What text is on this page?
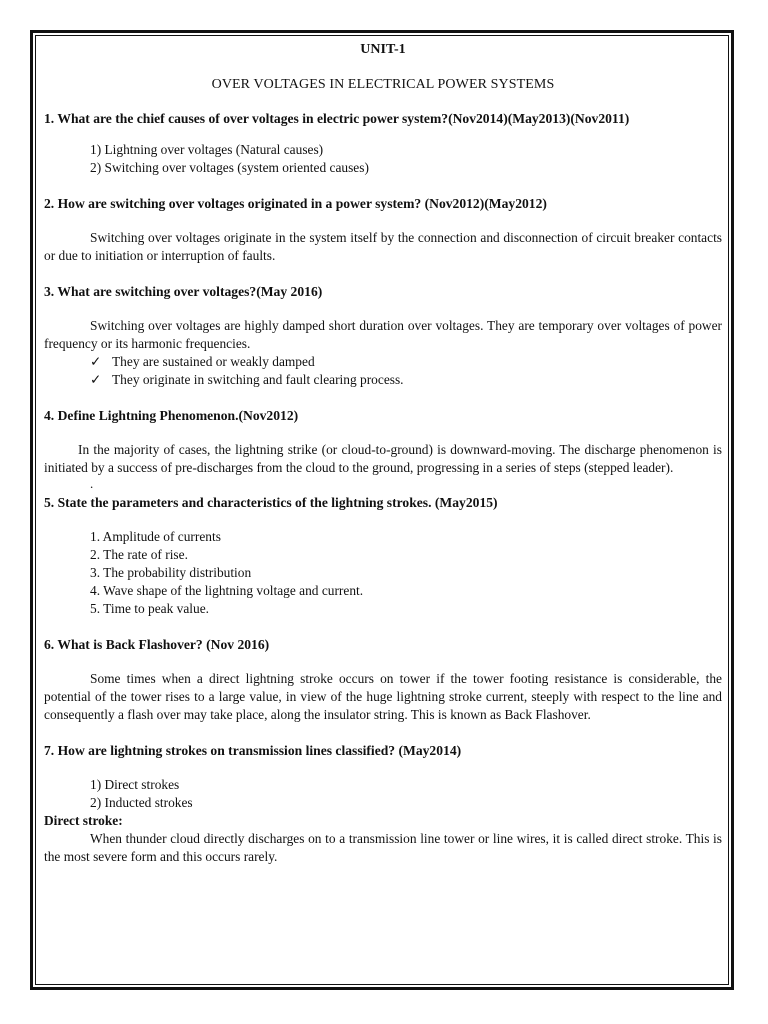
UNIT-1
OVER VOLTAGES IN ELECTRICAL POWER SYSTEMS
1. What are the chief causes of over voltages in electric power system?(Nov2014)(May2013)(Nov2011)
1) Lightning over voltages (Natural causes)
2) Switching over voltages (system oriented causes)
2. How are switching over voltages originated in a power system? (Nov2012)(May2012)
Switching over voltages originate in the system itself by the connection and disconnection of circuit breaker contacts or due to initiation or interruption of faults.
3. What are switching over voltages?(May 2016)
Switching over voltages are highly damped short duration over voltages. They are temporary over voltages of power frequency or its harmonic frequencies.
✓ They are sustained or weakly damped
✓ They originate in switching and fault clearing process.
4. Define Lightning Phenomenon.(Nov2012)
In the majority of cases, the lightning strike (or cloud-to-ground) is downward-moving. The discharge phenomenon is initiated by a success of pre-discharges from the cloud to the ground, progressing in a series of steps (stepped leader).
.
5. State the parameters and characteristics of the lightning strokes. (May2015)
1. Amplitude of currents
2. The rate of rise.
3. The probability distribution
4. Wave shape of the lightning voltage and current.
5. Time to peak value.
6. What is Back Flashover? (Nov 2016)
Some times when a direct lightning stroke occurs on tower if the tower footing resistance is considerable, the potential of the tower rises to a large value, in view of the huge lightning stroke current, steeply with respect to the line and consequently a flash over may take place, along the insulator string. This is known as Back Flashover.
7. How are lightning strokes on transmission lines classified? (May2014)
1) Direct strokes
2) Inducted strokes
Direct stroke:
When thunder cloud directly discharges on to a transmission line tower or line wires, it is called direct stroke. This is the most severe form and this occurs rarely.
